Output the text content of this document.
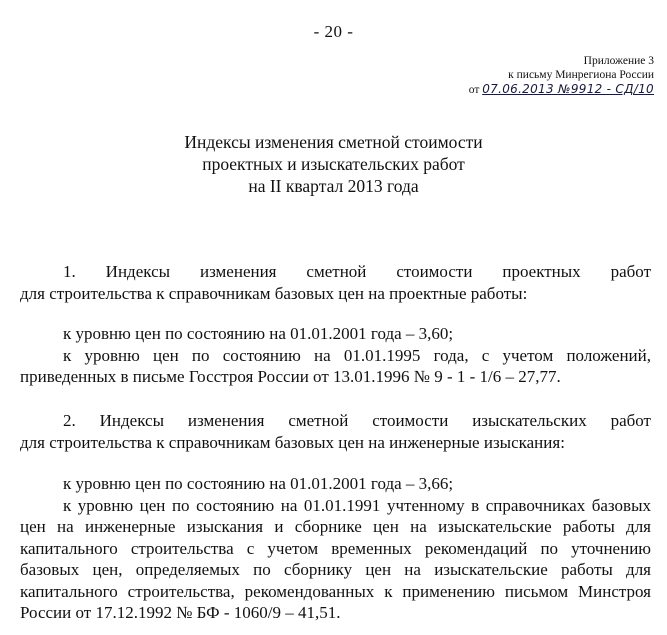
- 20 -
Приложение 3
к письму Минрегиона России
от 07.06.2013 №9912 - СД/10
Индексы изменения сметной стоимости
проектных и изыскательских работ
на II квартал 2013 года
1. Индексы изменения сметной стоимости проектных работ
для строительства к справочникам базовых цен на проектные работы:
к уровню цен по состоянию на 01.01.2001 года – 3,60;
к уровню цен по состоянию на 01.01.1995 года, с учетом положений, приведенных в письме Госстроя России от 13.01.1996 № 9 - 1 - 1/6 – 27,77.
2. Индексы изменения сметной стоимости изыскательских работ
для строительства к справочникам базовых цен на инженерные изыскания:
к уровню цен по состоянию на 01.01.2001 года – 3,66;
к уровню цен по состоянию на 01.01.1991 учтенному в справочниках базовых цен на инженерные изыскания и сборнике цен на изыскательские работы для капитального строительства с учетом временных рекомендаций по уточнению базовых цен, определяемых по сборнику цен на изыскательские работы для капитального строительства, рекомендованных к применению письмом Минстроя России от 17.12.1992 № БФ - 1060/9 – 41,51.
